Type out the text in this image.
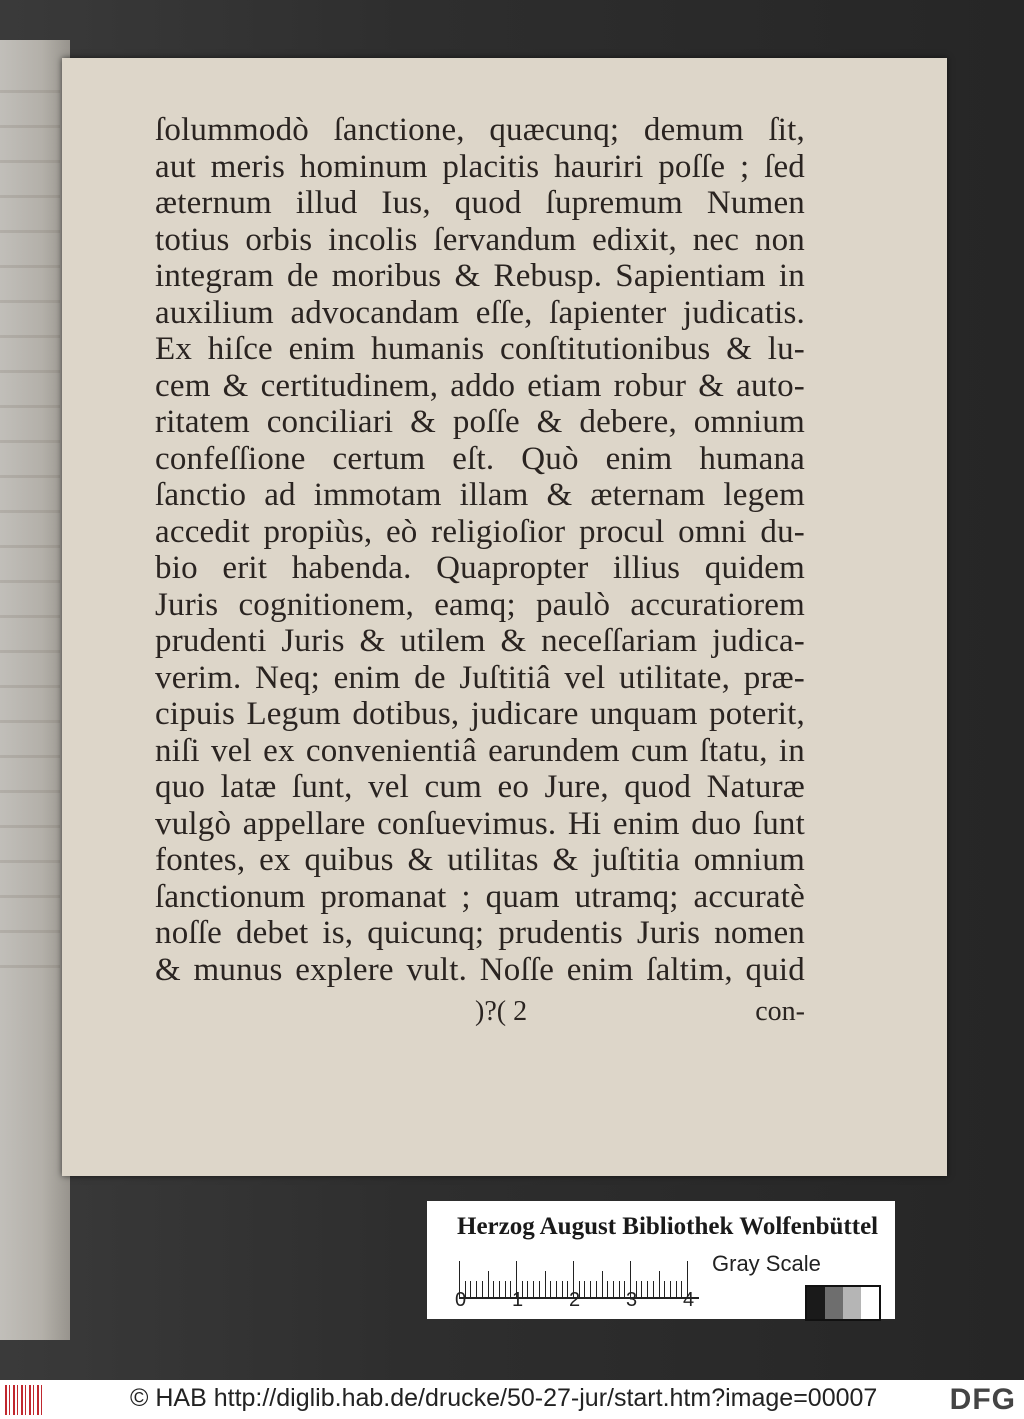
ſolummodò ſanctione, quæcunq; demum ſit,
aut meris hominum placitis hauriri poſſe ; ſed
æternum illud Ius, quod ſupremum Numen
totius orbis incolis ſervandum edixit, nec non
integram de moribus & Rebusp. Sapientiam in
auxilium advocandam eſſe, ſapienter judicatis.
Ex hiſce enim humanis conſtitutionibus & lu-
cem & certitudinem, addo etiam robur & auto-
ritatem conciliari & poſſe & debere, omnium
confeſſione certum eſt. Quò enim humana
ſanctio ad immotam illam & æternam legem
accedit propiùs, eò religioſior procul omni du-
bio erit habenda. Quapropter illius quidem
Juris cognitionem, eamq; paulò accuratiorem
prudenti Juris & utilem & neceſſariam judica-
verim. Neq; enim de Juſtitiâ vel utilitate, præ-
cipuis Legum dotibus, judicare unquam poterit,
niſi vel ex convenientiâ earundem cum ſtatu, in
quo latæ ſunt, vel cum eo Jure, quod Naturæ
vulgò appellare conſuevimus. Hi enim duo ſunt
fontes, ex quibus & utilitas & juſtitia omnium
ſanctionum promanat ; quam utramq; accuratè
noſſe debet is, quicunq; prudentis Juris nomen
& munus explere vult. Noſſe enim ſaltim, quid
)?( 2	con-
Herzog August Bibliothek Wolfenbüttel
0 1 2 3 4
Gray Scale
© HAB http://diglib.hab.de/drucke/50-27-jur/start.htm?image=00007 DFG
